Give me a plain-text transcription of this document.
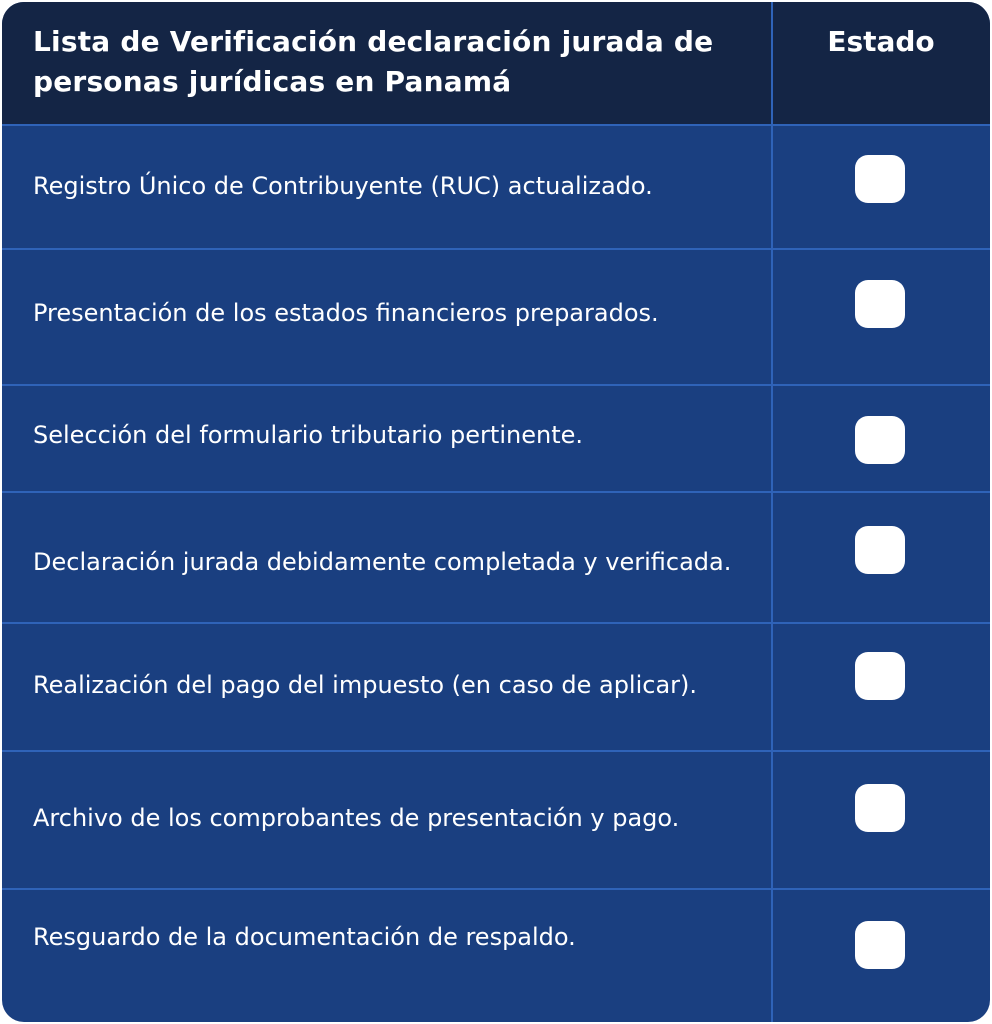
Lista de Verificación declaración jurada de personas jurídicas en Panamá
Estado

Registro Único de Contribuyente (RUC) actualizado.

Presentación de los estados financieros preparados.

Selección del formulario tributario pertinente.

Declaración jurada debidamente completada y verificada.

Realización del pago del impuesto (en caso de aplicar).

Archivo de los comprobantes de presentación y pago.

Resguardo de la documentación de respaldo.
